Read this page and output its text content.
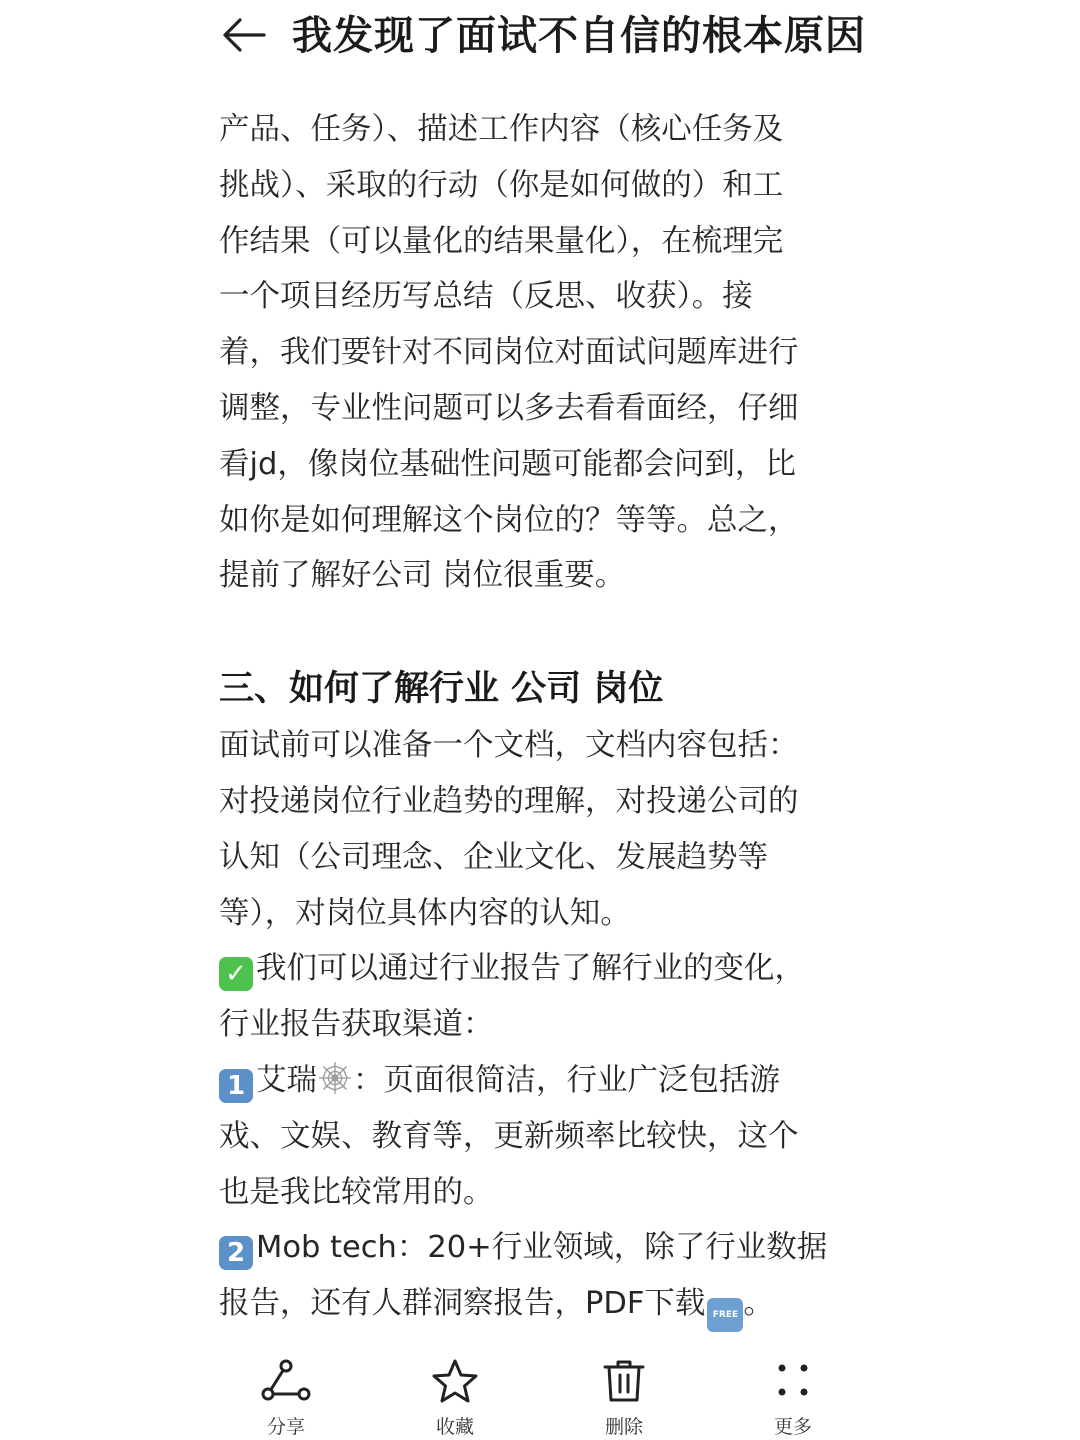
我发现了面试不自信的根本原因

产品、任务）、描述工作内容（核心任务及

挑战）、采取的行动（你是如何做的）和工

作结果（可以量化的结果量化），在梳理完

一个项目经历写总结（反思、收获）。接

着，我们要针对不同岗位对面试问题库进行

调整，专业性问题可以多去看看面经，仔细

看jd，像岗位基础性问题可能都会问到，比

如你是如何理解这个岗位的？等等。总之，

提前了解好公司 岗位很重要。

三、如何了解行业 公司 岗位

面试前可以准备一个文档，文档内容包括：

对投递岗位行业趋势的理解，对投递公司的

认知（公司理念、企业文化、发展趋势等

等），对岗位具体内容的认知。

✓ 我们可以通过行业报告了解行业的变化，

行业报告获取渠道：

1 艾瑞 ：页面很简洁，行业广泛包括游

戏、文娱、教育等，更新频率比较快，这个

也是我比较常用的。

2 Mob tech：20+行业领域，除了行业数据

报告，还有人群洞察报告，PDF下载 FREE 。

分享	收藏	删除	更多
